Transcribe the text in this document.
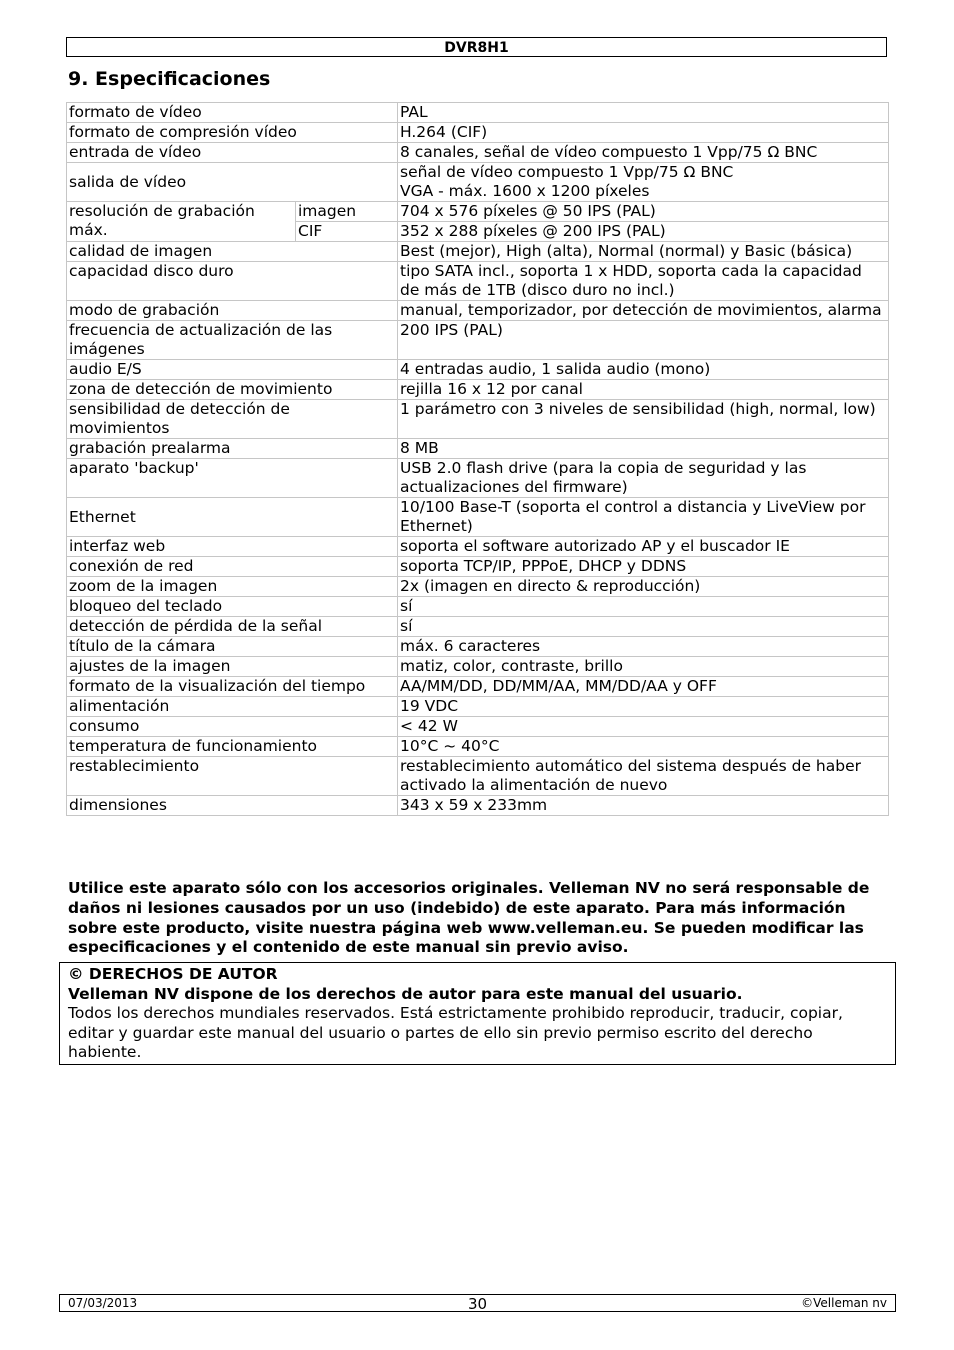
DVR8H1
9. Especificaciones
formato de vídeo		PAL
formato de compresión vídeo		H.264 (CIF)
entrada de vídeo		8 canales, señal de vídeo compuesto 1 Vpp/75 Ω BNC
salida de vídeo		señal de vídeo compuesto 1 Vpp/75 Ω BNC
VGA - máx. 1600 x 1200 píxeles

resolución de grabación máx.	imagen	704 x 576 píxeles @ 50 IPS (PAL)
	CIF	352 x 288 píxeles @ 200 IPS (PAL)
calidad de imagen		Best (mejor), High (alta), Normal (normal) y Basic (básica)
capacidad disco duro		tipo SATA incl., soporta 1 x HDD, soporta cada la capacidad de más de 1TB (disco duro no incl.)
modo de grabación		manual, temporizador, por detección de movimientos, alarma
frecuencia de actualización de las imágenes		200 IPS (PAL)
audio E/S		4 entradas audio, 1 salida audio (mono)
zona de detección de movimiento		rejilla 16 x 12 por canal
sensibilidad de detección de movimientos		1 parámetro con 3 niveles de sensibilidad (high, normal, low)
grabación prealarma		8 MB
aparato 'backup'		USB 2.0 flash drive (para la copia de seguridad y las actualizaciones del firmware)
Ethernet		10/100 Base-T (soporta el control a distancia y LiveView por Ethernet)
interfaz web		soporta el software autorizado AP y el buscador IE
conexión de red		soporta TCP/IP, PPPoE, DHCP y DDNS
zoom de la imagen		2x (imagen en directo & reproducción)
bloqueo del teclado		sí
detección de pérdida de la señal		sí
título de la cámara		máx. 6 caracteres
ajustes de la imagen		matiz, color, contraste, brillo
formato de la visualización del tiempo		AA/MM/DD, DD/MM/AA, MM/DD/AA y OFF
alimentación		19 VDC
consumo		< 42 W
temperatura de funcionamiento		10°C ~ 40°C
restablecimiento		restablecimiento automático del sistema después de haber activado la alimentación de nuevo
dimensiones		343 x 59 x 233mm
Utilice este aparato sólo con los accesorios originales. Velleman NV no será responsable de daños ni lesiones causados por un uso (indebido) de este aparato. Para más información sobre este producto, visite nuestra página web www.velleman.eu. Se pueden modificar las especificaciones y el contenido de este manual sin previo aviso.
© DERECHOS DE AUTOR
Velleman NV dispone de los derechos de autor para este manual del usuario.
Todos los derechos mundiales reservados. Está estrictamente prohibido reproducir, traducir, copiar, editar y guardar este manual del usuario o partes de ello sin previo permiso escrito del derecho habiente.
07/03/2013	30	©Velleman nv
